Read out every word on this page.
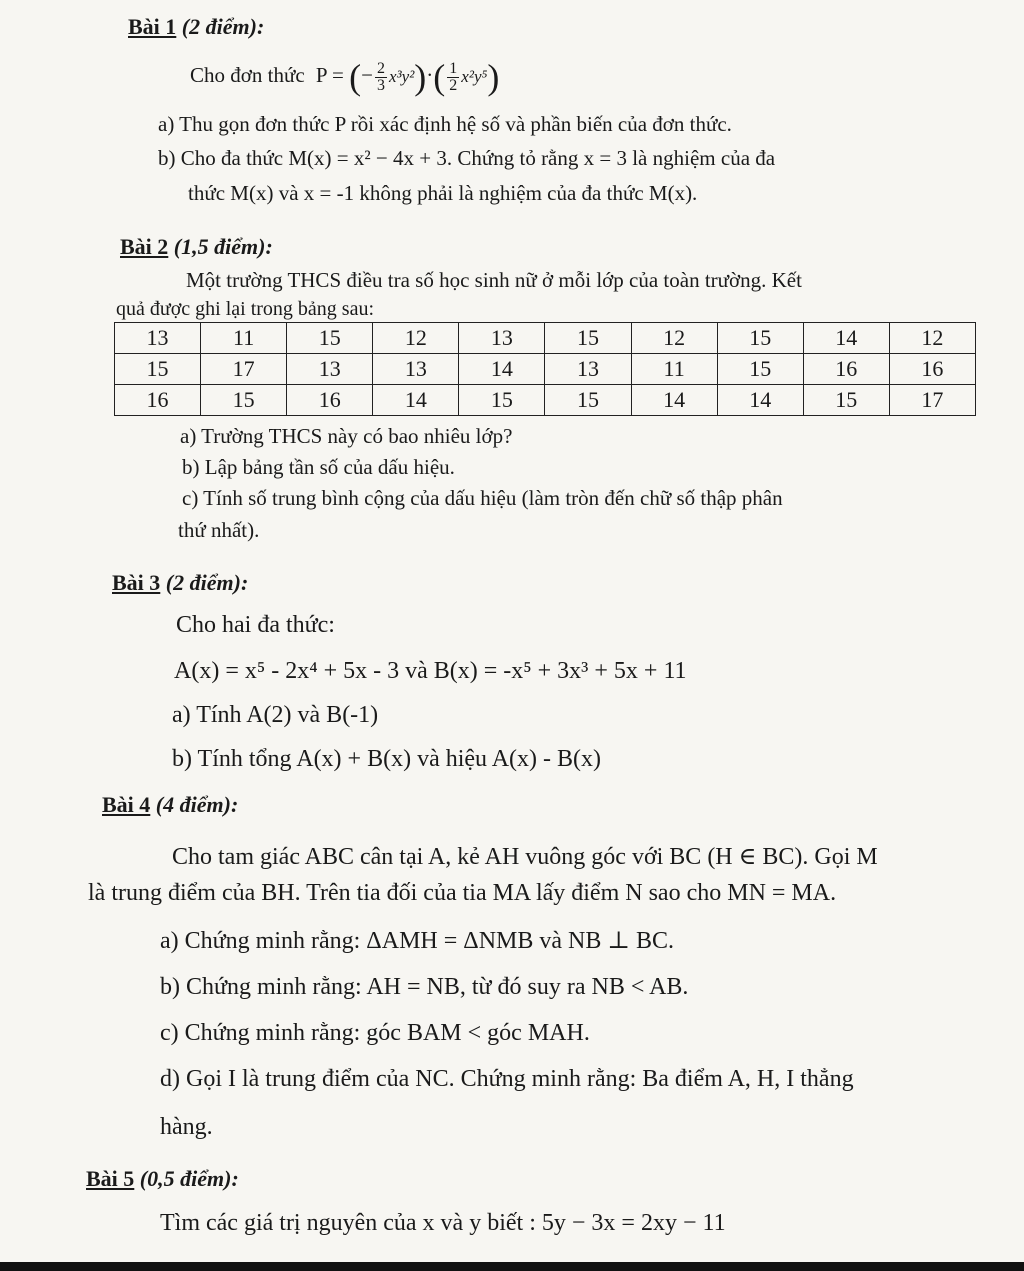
Bài 1 (2 điểm):
Cho đơn thức P = (− $\frac{2}{3} x^3y^2)\cdot( \frac{1}{2} x^2y^5)$
a) Thu gọn đơn thức P rồi xác định hệ số và phần biến của đơn thức.
b) Cho đa thức M(x) = x² − 4x + 3. Chứng tỏ rằng x = 3 là nghiệm của đa
thức M(x) và x = -1 không phải là nghiệm của đa thức M(x).
Bài 2 (1,5 điểm):
Một trường THCS điều tra số học sinh nữ ở mỗi lớp của toàn trường. Kết
quả được ghi lại trong bảng sau:
13	11	15	12	13	15	12	15	14	12
15	17	13	13	14	13	11	15	16	16
16	15	16	14	15	15	14	14	15	17
a) Trường THCS này có bao nhiêu lớp?
b) Lập bảng tần số của dấu hiệu.
c) Tính số trung bình cộng của dấu hiệu (làm tròn đến chữ số thập phân
thứ nhất).
Bài 3 (2 điểm):
Cho hai đa thức:
A(x) = x⁵ - 2x⁴ + 5x - 3 và B(x) = -x⁵ + 3x³ + 5x + 11
a) Tính A(2) và B(-1)
b) Tính tổng A(x) + B(x) và hiệu A(x) - B(x)
Bài 4 (4 điểm):
Cho tam giác ABC cân tại A, kẻ AH vuông góc với BC (H ∈ BC). Gọi M
là trung điểm của BH. Trên tia đối của tia MA lấy điểm N sao cho MN = MA.
a) Chứng minh rằng: ΔAMH = ΔNMB và NB ⊥ BC.
b) Chứng minh rằng: AH = NB, từ đó suy ra NB < AB.
c) Chứng minh rằng: góc BAM < góc MAH.
d) Gọi I là trung điểm của NC. Chứng minh rằng: Ba điểm A, H, I thẳng
hàng.
Bài 5 (0,5 điểm):
Tìm các giá trị nguyên của x và y biết : 5y − 3x = 2xy − 11
